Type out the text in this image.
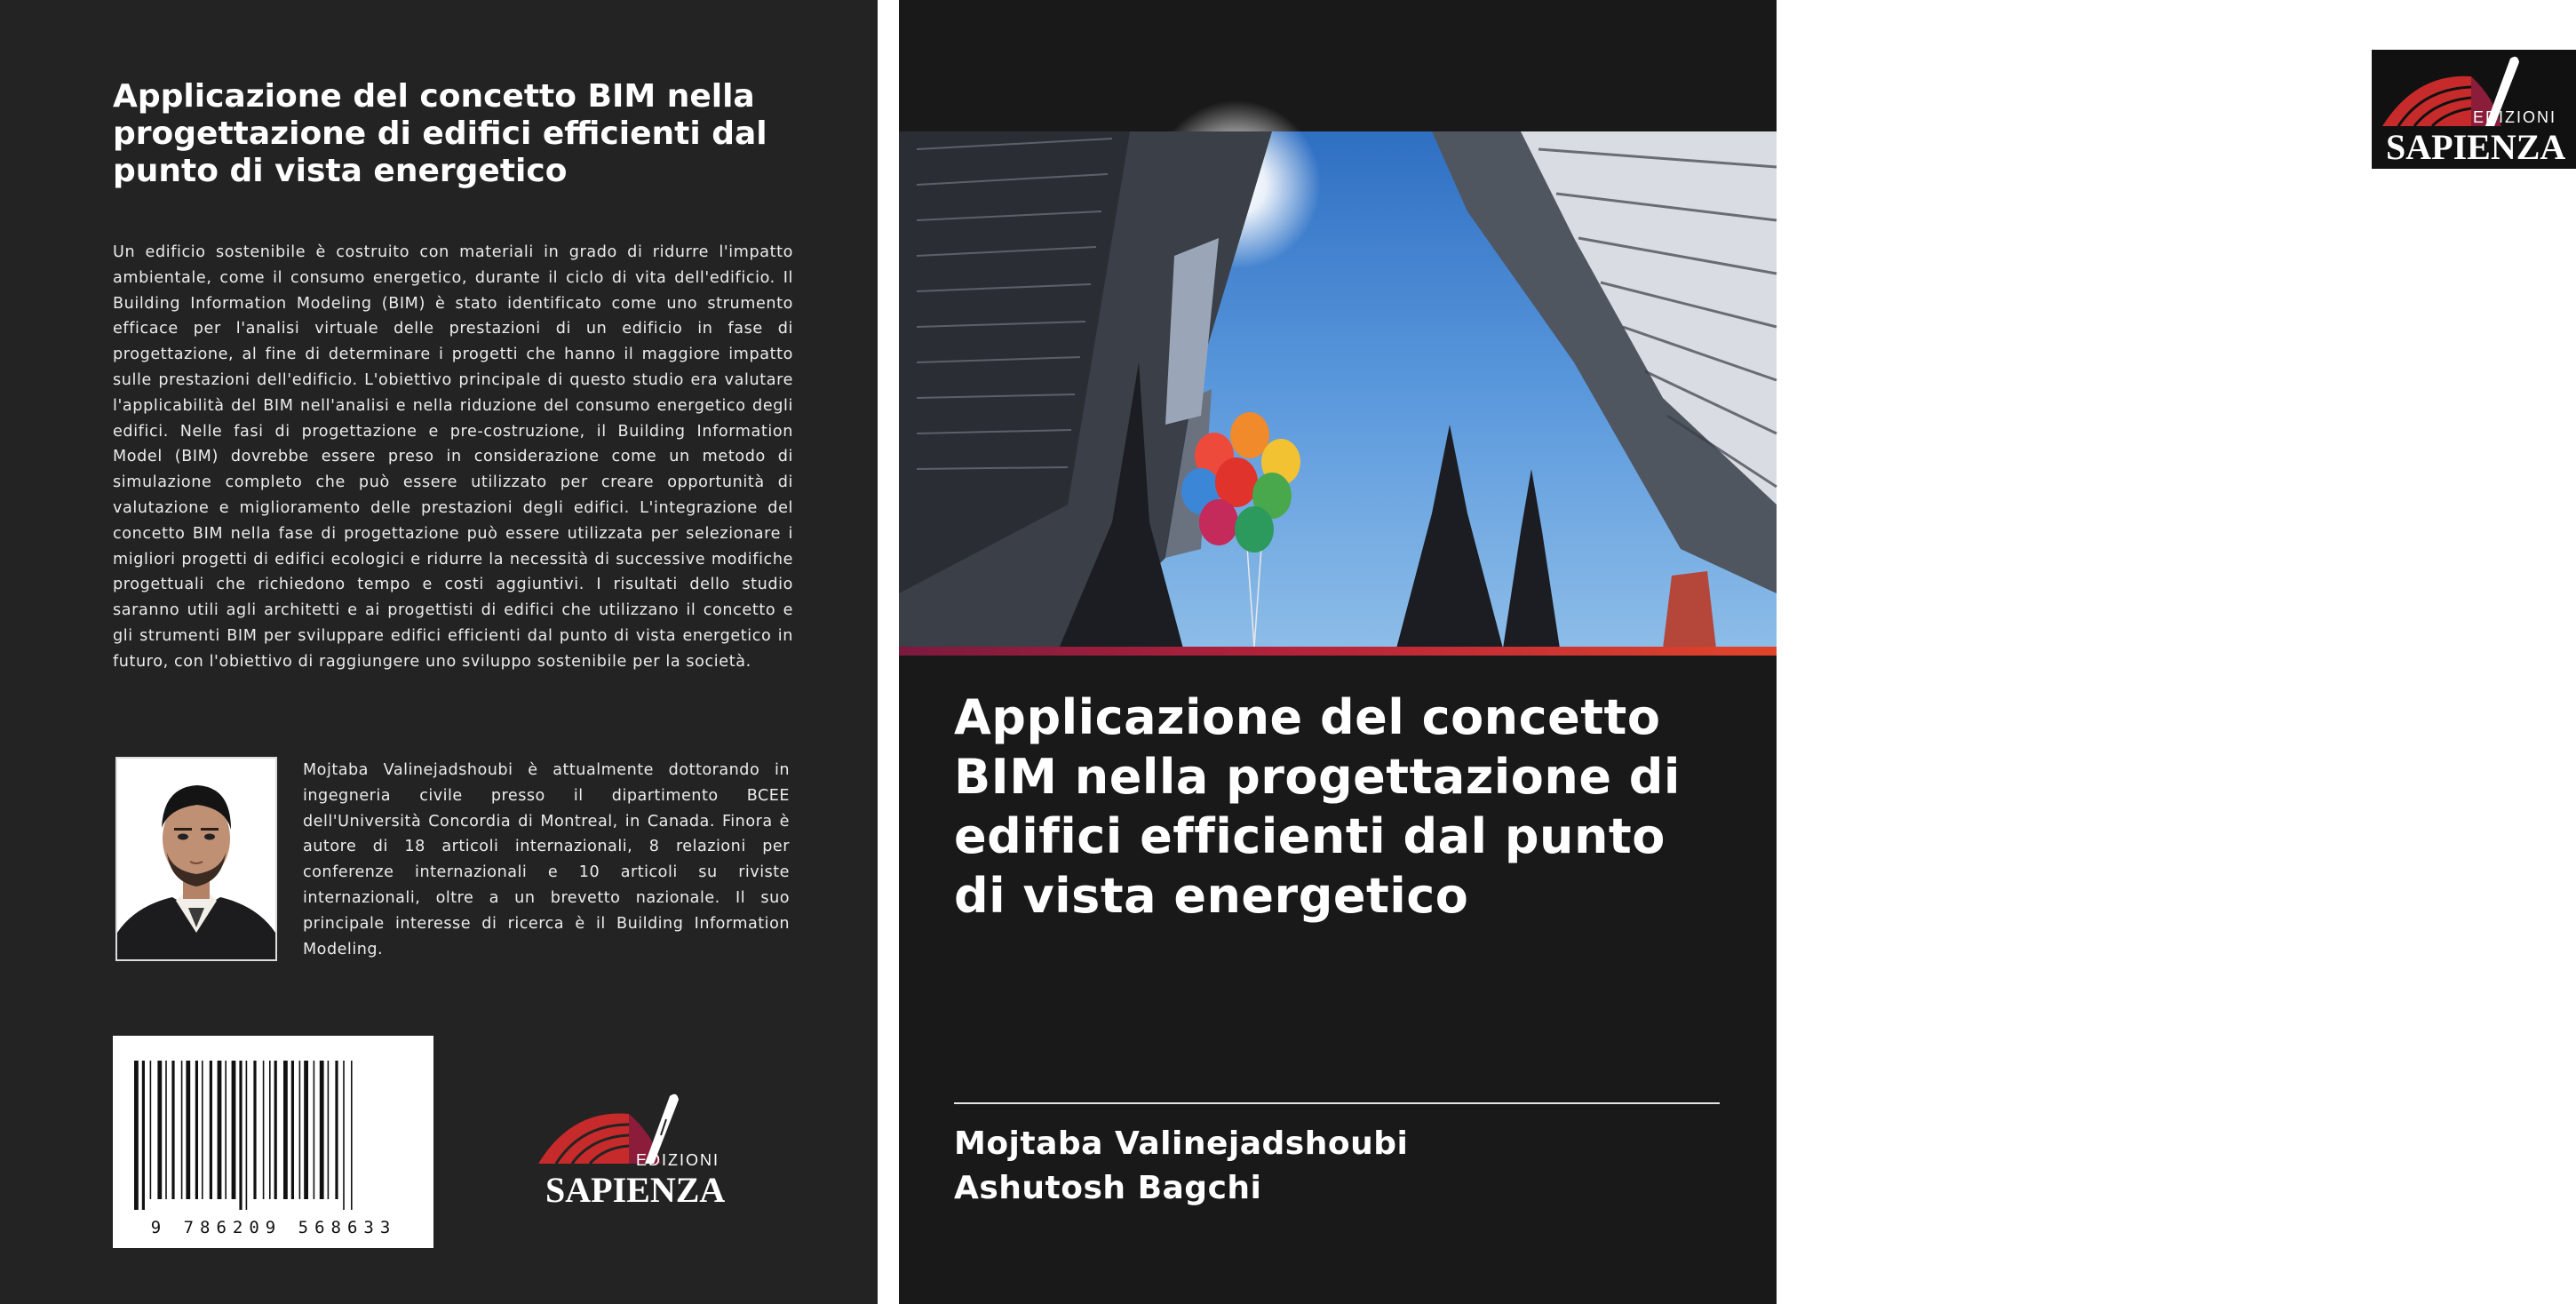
Applicazione del concetto BIM nella progettazione di edifici efficienti dal punto di vista energetico

Un edificio sostenibile è costruito con materiali in grado di ridurre l'impatto ambientale, come il consumo energetico, durante il ciclo di vita dell'edificio. Il Building Information Modeling (BIM) è stato identificato come uno strumento efficace per l'analisi virtuale delle prestazioni di un edificio in fase di progettazione, al fine di determinare i progetti che hanno il maggiore impatto sulle prestazioni dell'edificio. L'obiettivo principale di questo studio era valutare l'applicabilità del BIM nell'analisi e nella riduzione del consumo energetico degli edifici. Nelle fasi di progettazione e pre-costruzione, il Building Information Model (BIM) dovrebbe essere preso in considerazione come un metodo di simulazione completo che può essere utilizzato per creare opportunità di valutazione e miglioramento delle prestazioni degli edifici. L'integrazione del concetto BIM nella fase di progettazione può essere utilizzata per selezionare i migliori progetti di edifici ecologici e ridurre la necessità di successive modifiche progettuali che richiedono tempo e costi aggiuntivi. I risultati dello studio saranno utili agli architetti e ai progettisti di edifici che utilizzano il concetto e gli strumenti BIM per sviluppare edifici efficienti dal punto di vista energetico in futuro, con l'obiettivo di raggiungere uno sviluppo sostenibile per la società.

Mojtaba Valinejadshoubi è attualmente dottorando in ingegneria civile presso il dipartimento BCEE dell'Università Concordia di Montreal, in Canada. Finora è autore di 18 articoli internazionali, 8 relazioni per conferenze internazionali e 10 articoli su riviste internazionali, oltre a un brevetto nazionale. Il suo principale interesse di ricerca è il Building Information Modeling.

9 786209 568633
EDIZIONI
SAPIENZA
EDIZIONI
SAPIENZA
Applicazione del concetto BIM nella progettazione di edifici efficienti dal punto di vista energetico

Mojtaba Valinejadshoubi

Ashutosh Bagchi
